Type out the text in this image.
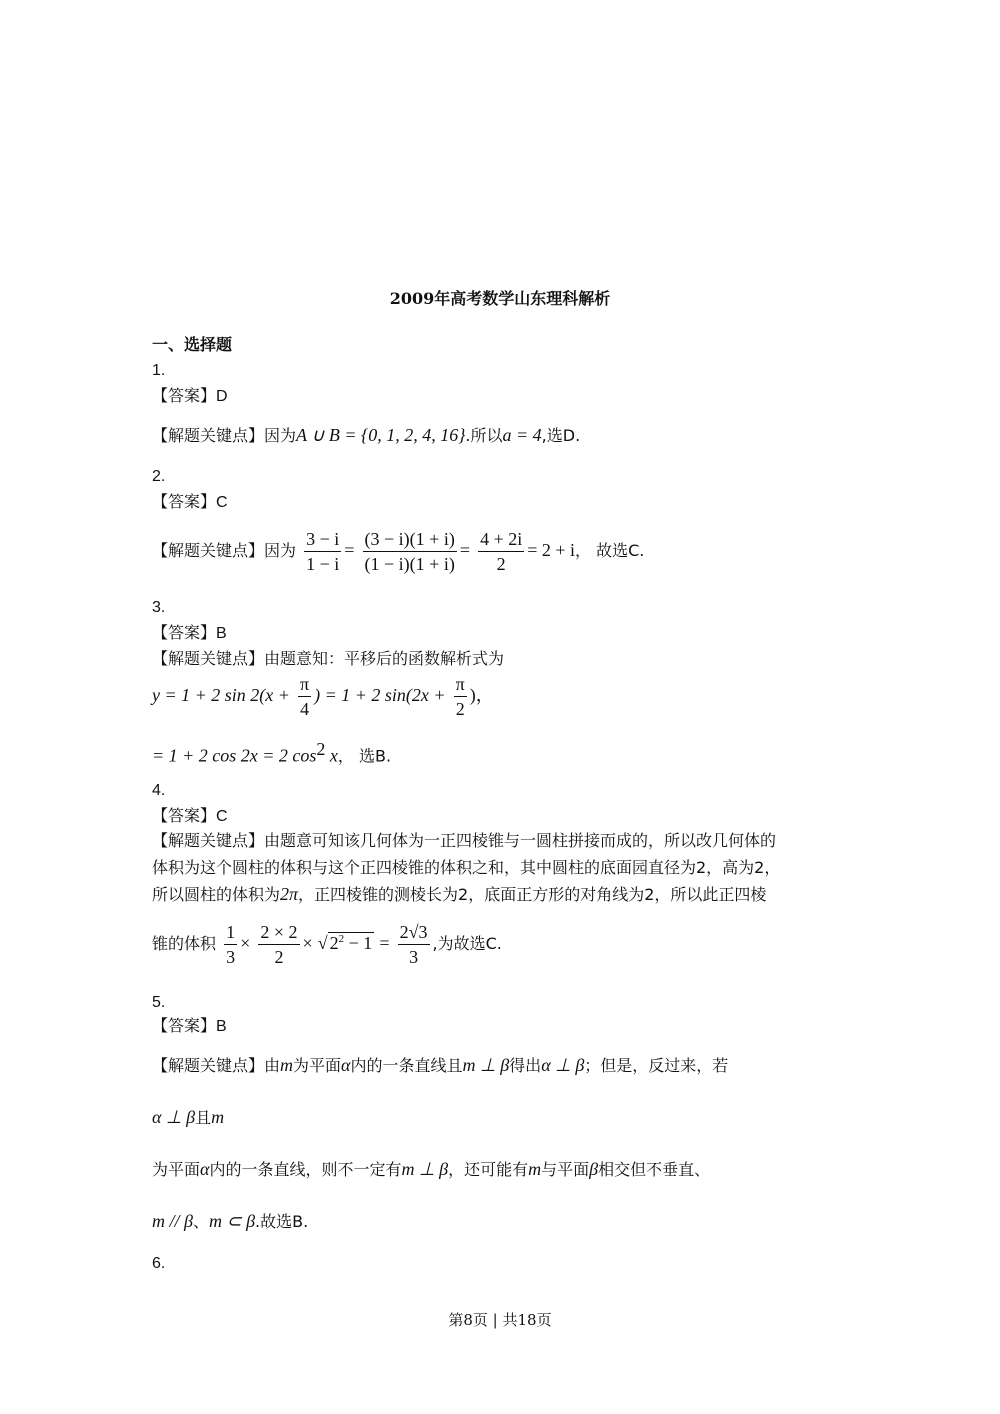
2009年高考数学山东理科解析
一、选择题
1.
【答案】D
【解题关键点】因为A ∪ B = {0, 1, 2, 4, 16}.所以a = 4,选D.
2.
【答案】C
【解题关键点】因为 $\frac{3 - i}{1 - i} = \frac{(3 - i)(1 + i)}{(1 - i)(1 + i)} = \frac{4 + 2i}{2} = 2 + i$， 故选C.
3.
【答案】B
【解题关键点】由题意知：平移后的函数解析式为
y = 1 + 2 $\sin 2(x + \frac{\pi}{4}$ ) = 1 + 2 $\sin(2x + \frac{\pi}{2}$ )，
= 1 + 2 cos 2x = 2 $\cos^2 x$， 选B.
4.
【答案】C
【解题关键点】由题意可知该几何体为一正四棱锥与一圆柱拼接而成的，所以改几何体的
体积为这个圆柱的体积与这个正四棱锥的体积之和，其中圆柱的底面园直径为2，高为2，
所以圆柱的体积为2π，正四棱锥的测棱长为2，底面正方形的对角线为2，所以此正四棱
锥的体积 $\frac{1}{3} \times \frac{2 \times 2}{2}$ × √ $2^2 - 1 = \frac{2√3}{3}$ ,为故选C.
5.
【答案】B
【解题关键点】由m为平面α内的一条直线且m ⊥ β得出α ⊥ β；但是，反过来，若
α ⊥ β且m
为平面α内的一条直线，则不一定有m ⊥ β，还可能有m与平面β相交但不垂直、
m // β、m ⊂ β.故选B.
6.
第8页 | 共18页
